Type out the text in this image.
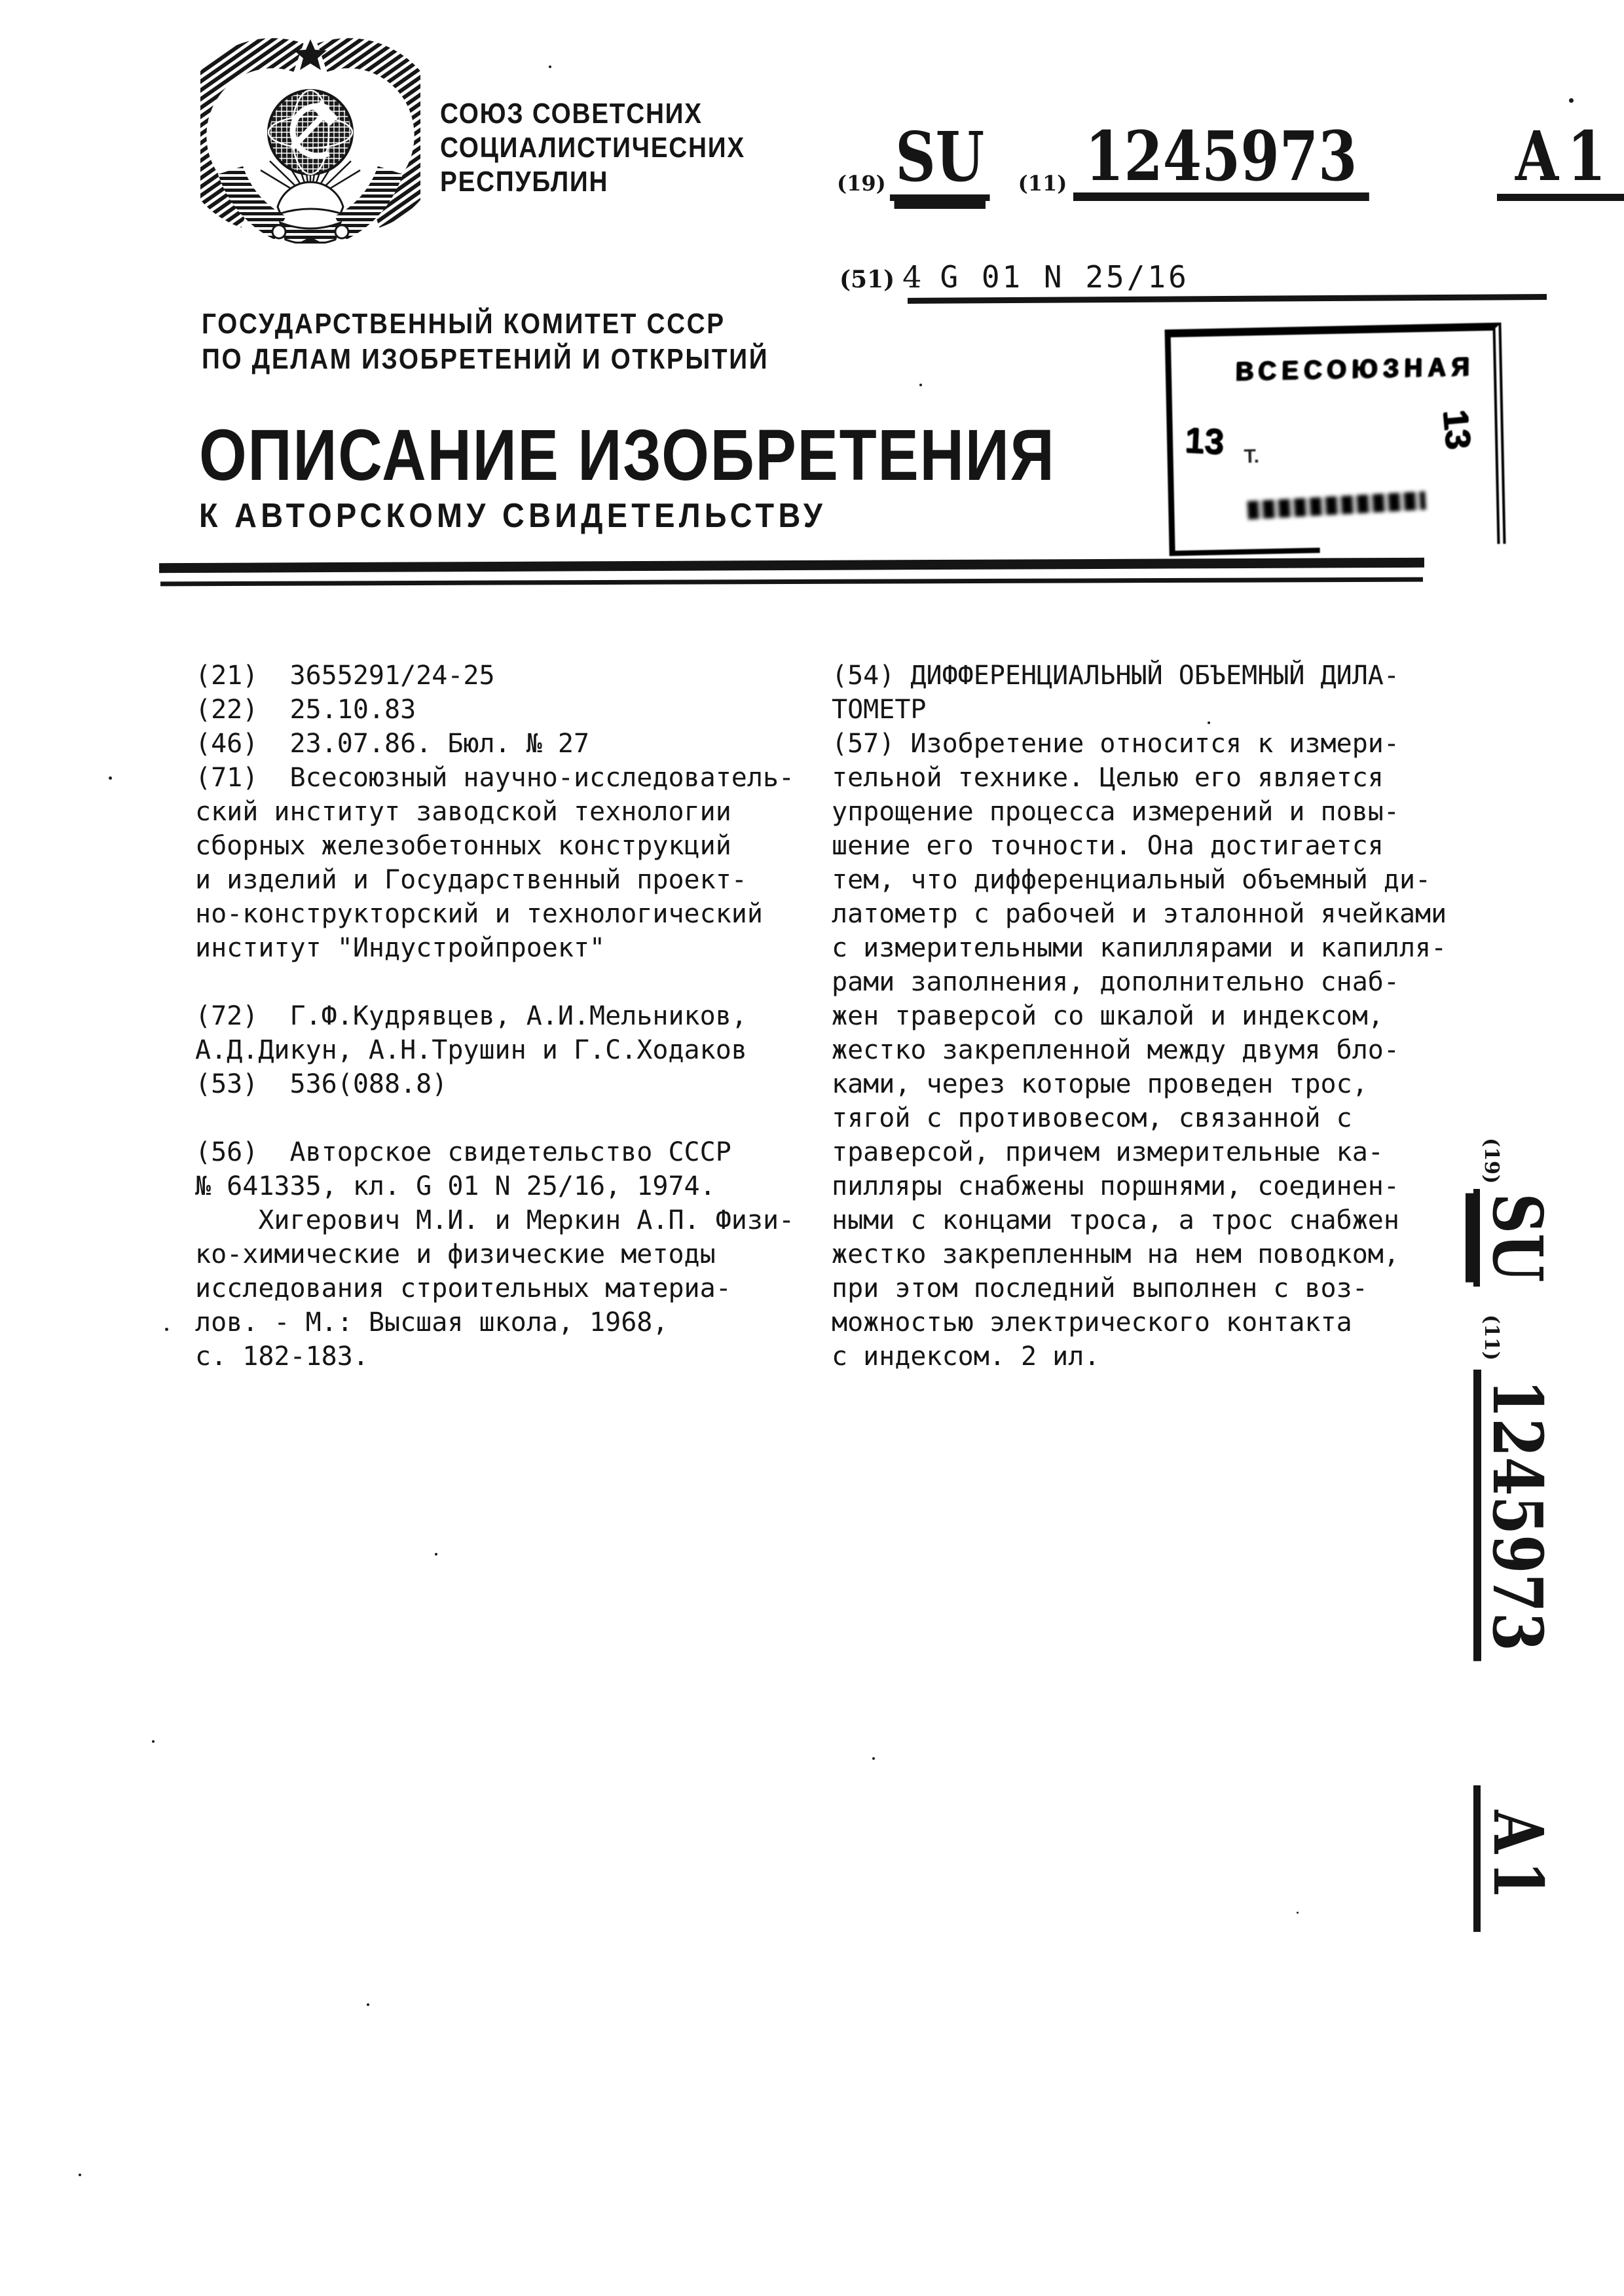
СОЮЗ СОВЕТСНИХ
СОЦИАЛИСТИЧЕСНИХ
РЕСПУБЛИН	(19) SU (11) 1245973 A1
(51) 4 G 01 N 25/16
ГОСУДАРСТВЕННЫЙ КОМИТЕТ СССР
ПО ДЕЛАМ ИЗОБРЕТЕНИЙ И ОТКРЫТИЙ	ВСЕСОЮЗНАЯ
13	13
Т.
ОПИСАНИЕ ИЗОБРЕТЕНИЯ
К АВТОРСКОМУ СВИДЕТЕЛЬСТВУ
(21)  3655291/24-25
(22)  25.10.83
(46)  23.07.86. Бюл. № 27
(71)  Всесоюзный научно-исследователь-
ский институт заводской технологии
сборных железобетонных конструкций
и изделий и Государственный проект-
но-конструкторский и технологический
институт "Индустройпроект"
(72)  Г.Ф.Кудрявцев, А.И.Мельников,
А.Д.Дикун, А.Н.Трушин и Г.С.Ходаков
(53)  536(088.8)
(56)  Авторское свидетельство СССР
№ 641335, кл. G 01 N 25/16, 1974.
Хигерович М.И. и Меркин А.П. Физи-
ко-химические и физические методы
исследования строительных материа-
лов. - М.: Высшая школа, 1968,
с. 182-183.
(54) ДИФФЕРЕНЦИАЛЬНЫЙ ОБЪЕМНЫЙ ДИЛА-
ТОМЕТР
(57) Изобретение относится к измери-
тельной технике. Целью его является
упрощение процесса измерений и повы-
шение его точности. Она достигается
тем, что дифференциальный объемный ди-
латометр с рабочей и эталонной ячейками
с измерительными капиллярами и капилля-
рами заполнения, дополнительно снаб-
жен траверсой со шкалой и индексом,
жестко закрепленной между двумя бло-
ками, через которые проведен трос,
тягой с противовесом, связанной с
траверсой, причем измерительные ка-
пилляры снабжены поршнями, соединен-
ными с концами троса, а трос снабжен
жестко закрепленным на нем поводком,
при этом последний выполнен с воз-
можностью электрического контакта
с индексом. 2 ил.
(19)
SU
(11)
1245973
A1
